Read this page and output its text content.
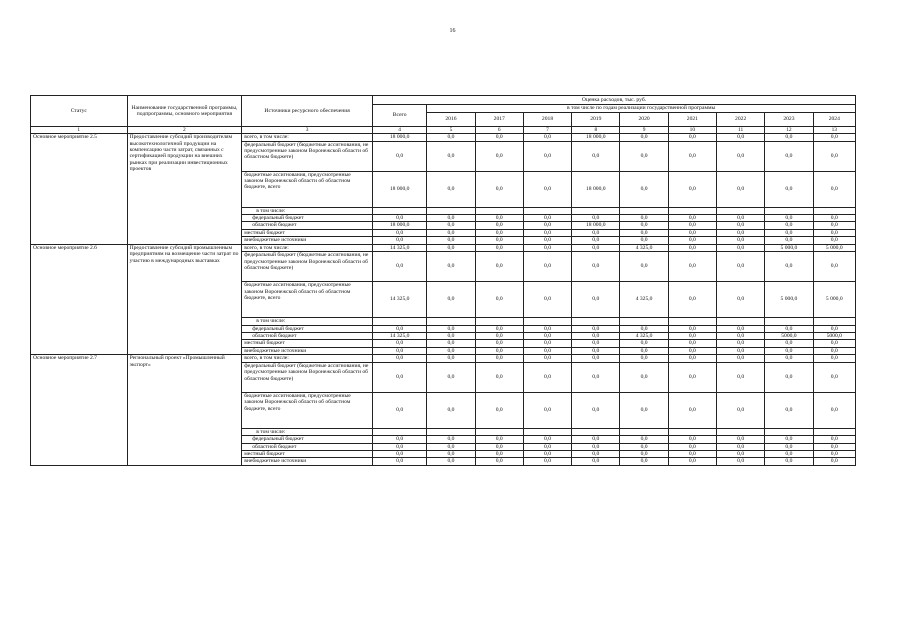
16
Статус	Наименование государственной программы, подпрограммы, основного мероприятия	Источники ресурсного обеспечения	Оценка расходов, тыс. руб.									
			Всего	в том числе по годам реализации государственной программы								
				2016	2017	2018	2019	2020	2021	2022	2023	2024
1	2	3	4	5	6	7	8	9	10	11	12	13
Основное мероприятие 2.5	Предоставление субсидий производителям высокотехнологичной продукции на компенсацию части затрат, связанных с сертификацией продукции на внешних рынках при реализации инвестиционных проектов	всего, в том числе:	18 000,0	0,0	0,0	0,0	18 000,0	0,0	0,0	0,0	0,0	0,0
		федеральный бюджет (бюджетные ассигнования, не предусмотренные законом Воронежской области об областном бюджете)	0,0	0,0	0,0	0,0	0,0	0,0	0,0	0,0	0,0	0,0
		бюджетные ассигнования, предусмотренные законом Воронежской области об областном бюджете, всего	18 000,0	0,0	0,0	0,0	18 000,0	0,0	0,0	0,0	0,0	0,0
		в том числе:										
		федеральный бюджет	0,0	0,0	0,0	0,0	0,0	0,0	0,0	0,0	0,0	0,0
		областной бюджет	18 000,0	0,0	0,0	0,0	18 000,0	0,0	0,0	0,0	0,0	0,0
		местный бюджет	0,0	0,0	0,0	0,0	0,0	0,0	0,0	0,0	0,0	0,0
		внебюджетные источники	0,0	0,0	0,0	0,0	0,0	0,0	0,0	0,0	0,0	0,0
Основное мероприятие 2.6	Предоставление субсидий промышленным предприятиям на возмещение части затрат по участию в международных выставках	всего, в том числе:	14 325,0	0,0	0,0	0,0	0,0	4 325,0	0,0	0,0	5 000,0	5 000,0
		федеральный бюджет (бюджетные ассигнования, не предусмотренные законом Воронежской области об областном бюджете)	0,0	0,0	0,0	0,0	0,0	0,0	0,0	0,0	0,0	0,0
		бюджетные ассигнования, предусмотренные законом Воронежской области об областном бюджете, всего	14 325,0	0,0	0,0	0,0	0,0	4 325,0	0,0	0,0	5 000,0	5 000,0
		в том числе:										
		федеральный бюджет	0,0	0,0	0,0	0,0	0,0	0,0	0,0	0,0	0,0	0,0
		областной бюджет	14 325,0	0,0	0,0	0,0	0,0	4 325,0	0,0	0,0	5000,0	5000,0
		местный бюджет	0,0	0,0	0,0	0,0	0,0	0,0	0,0	0,0	0,0	0,0
		внебюджетные источники	0,0	0,0	0,0	0,0	0,0	0,0	0,0	0,0	0,0	0,0
Основное мероприятие 2.7	Региональный проект «Промышленный экспорт»	всего, в том числе:	0,0	0,0	0,0	0,0	0,0	0,0	0,0	0,0	0,0	0,0
		федеральный бюджет (бюджетные ассигнования, не предусмотренные законом Воронежской области об областном бюджете)	0,0	0,0	0,0	0,0	0,0	0,0	0,0	0,0	0,0	0,0
		бюджетные ассигнования, предусмотренные законом Воронежской области об областном бюджете, всего	0,0	0,0	0,0	0,0	0,0	0,0	0,0	0,0	0,0	0,0
		в том числе:										
		федеральный бюджет	0,0	0,0	0,0	0,0	0,0	0,0	0,0	0,0	0,0	0,0
		областной бюджет	0,0	0,0	0,0	0,0	0,0	0,0	0,0	0,0	0,0	0,0
		местный бюджет	0,0	0,0	0,0	0,0	0,0	0,0	0,0	0,0	0,0	0,0
		внебюджетные источники	0,0	0,0	0,0	0,0	0,0	0,0	0,0	0,0	0,0	0,0
